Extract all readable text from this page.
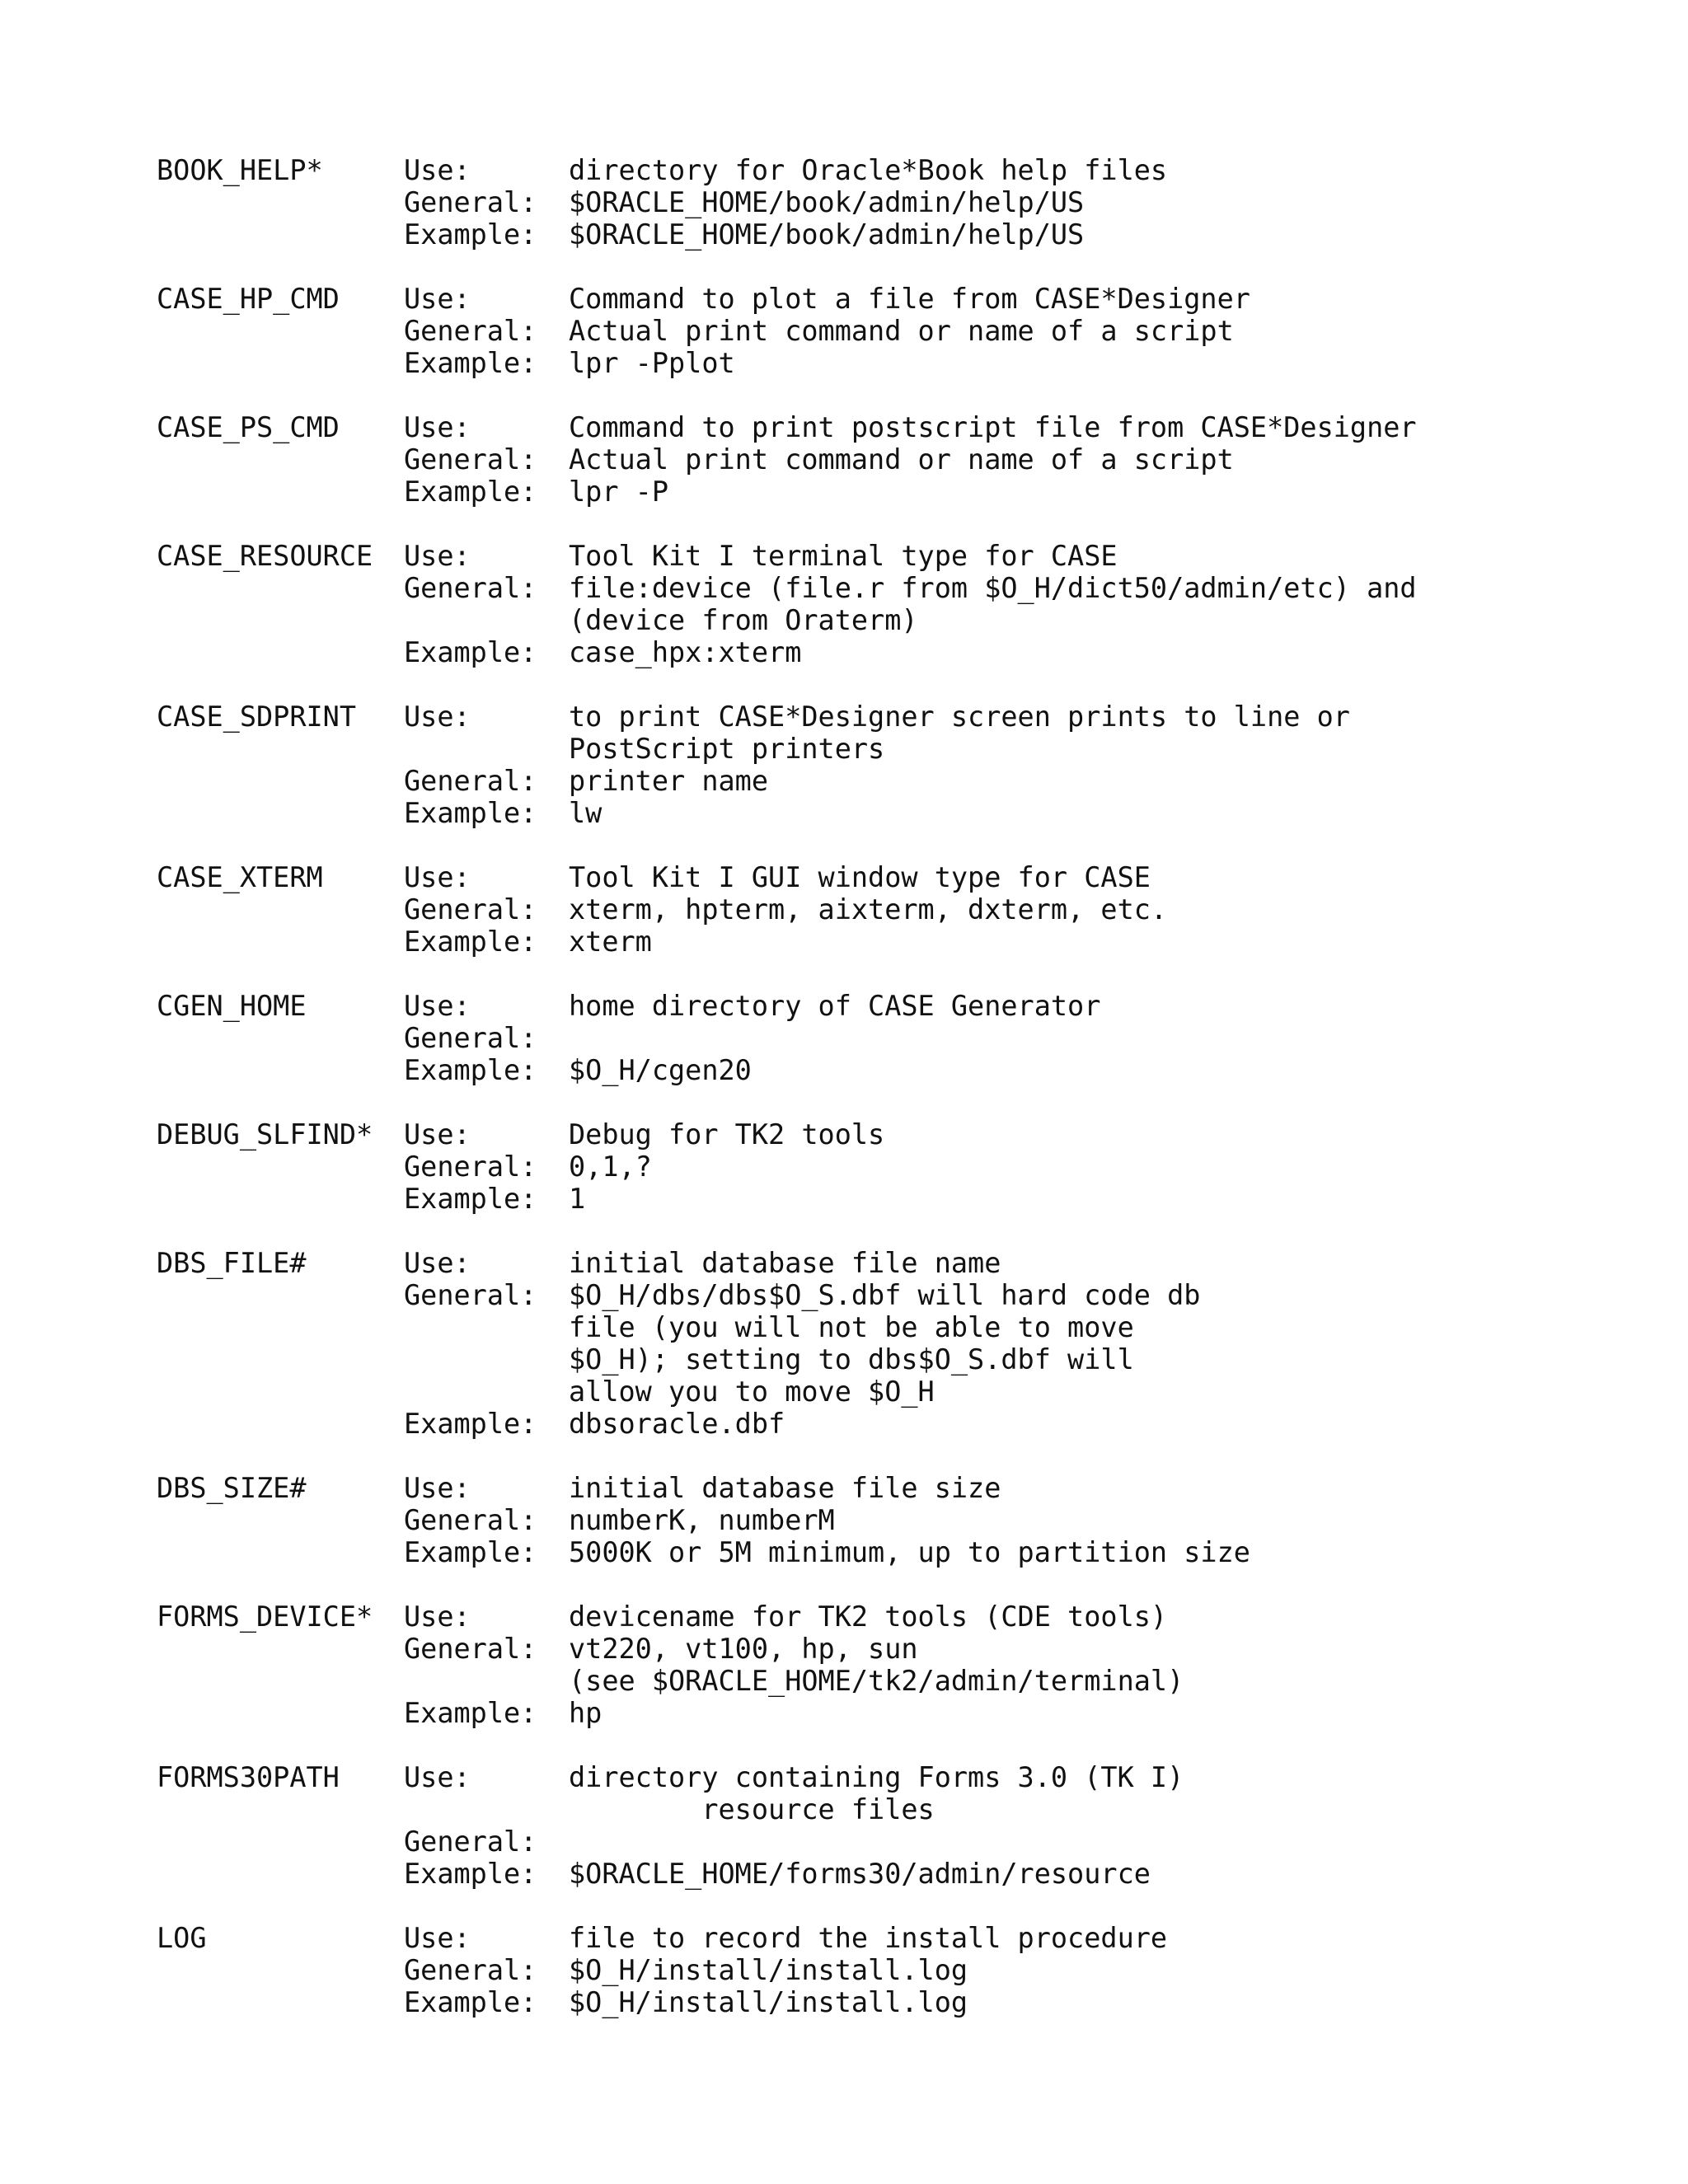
BOOK_HELP*	Use:	directory for Oracle*Book help files
General:	$ORACLE_HOME/book/admin/help/US
Example:	$ORACLE_HOME/book/admin/help/US
CASE_HP_CMD	Use:	Command to plot a file from CASE*Designer
General:	Actual print command or name of a script
Example:	lpr -Pplot
CASE_PS_CMD	Use:	Command to print postscript file from CASE*Designer
General:	Actual print command or name of a script
Example:	lpr -P
CASE_RESOURCE	Use:	Tool Kit I terminal type for CASE
General:	file:device (file.r from $O_H/dict50/admin/etc) and
(device from Oraterm)
Example:	case_hpx:xterm
CASE_SDPRINT	Use:	to print CASE*Designer screen prints to line or
PostScript printers
General:	printer name
Example:	lw
CASE_XTERM	Use:	Tool Kit I GUI window type for CASE
General:	xterm, hpterm, aixterm, dxterm, etc.
Example:	xterm
CGEN_HOME	Use:	home directory of CASE Generator
General:
Example:	$O_H/cgen20
DEBUG_SLFIND*	Use:	Debug for TK2 tools
General:	0,1,?
Example:	1
DBS_FILE#	Use:	initial database file name
General:	$O_H/dbs/dbs$O_S.dbf will hard code db
file (you will not be able to move
$O_H); setting to dbs$O_S.dbf will
allow you to move $O_H
Example:	dbsoracle.dbf
DBS_SIZE#	Use:	initial database file size
General:	numberK, numberM
Example:	5000K or 5M minimum, up to partition size
FORMS_DEVICE*	Use:	devicename for TK2 tools (CDE tools)
General:	vt220, vt100, hp, sun
(see $ORACLE_HOME/tk2/admin/terminal)
Example:	hp
FORMS30PATH	Use:	directory containing Forms 3.0 (TK I)
resource files
General:
Example:	$ORACLE_HOME/forms30/admin/resource
LOG	Use:	file to record the install procedure
General:	$O_H/install/install.log
Example:	$O_H/install/install.log
